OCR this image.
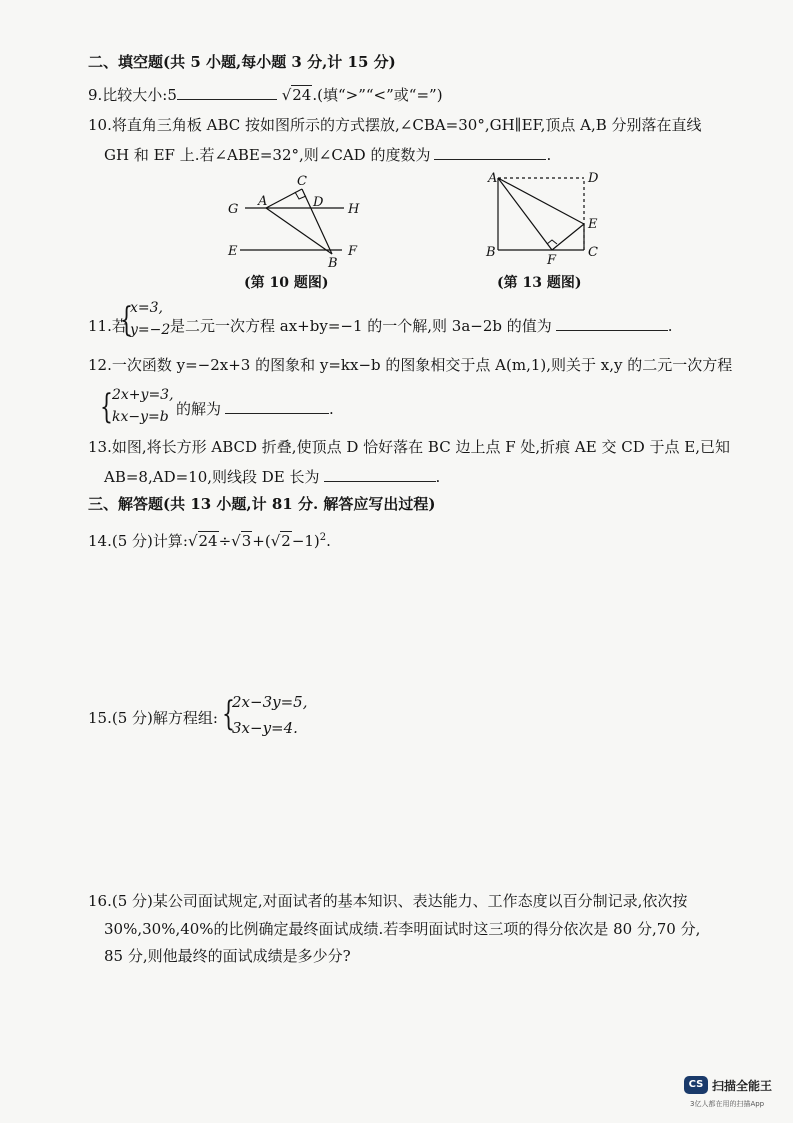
二、填空题(共 5 小题,每小题 3 分,计 15 分)
9.比较大小:5	√24.(填“>”“<”或“=”)
10.将直角三角板 ABC 按如图所示的方式摆放,∠CBA=30°,GH∥EF,顶点 A,B 分别落在直线
GH 和 EF 上.若∠ABE=32°,则∠CAD 的度数为	.
C
G
A	D H
E
B
F
(第 10 题图)
A	D
E
B
F
C
(第 13 题图)
11.若
{
x=3,
y=−2 是二元一次方程 ax+by=−1 的一个解,则 3a−2b 的值为	.
12.一次函数 y=−2x+3 的图象和 y=kx−b 的图象相交于点 A(m,1),则关于 x,y 的二元一次方程
{ 2x+y=3,
kx−y=b 的解为	.
13.如图,将长方形 ABCD 折叠,使顶点 D 恰好落在 BC 边上点 F 处,折痕 AE 交 CD 于点 E,已知
AB=8,AD=10,则线段 DE 长为	.
三、解答题(共 13 小题,计 81 分. 解答应写出过程)
14.(5 分)计算$:√24\div√3+(√2-1)^2$.
15.(5 分)解方程组: {
2x−3y=5,
3x−y=4.
16.(5 分)某公司面试规定,对面试者的基本知识、表达能力、工作态度以百分制记录,依次按
30%,30%,40%的比例确定最终面试成绩.若李明面试时这三项的得分依次是 80 分,70 分,
85 分,则他最终的面试成绩是多少分?
CS 扫描全能王
3亿人都在用的扫描App
